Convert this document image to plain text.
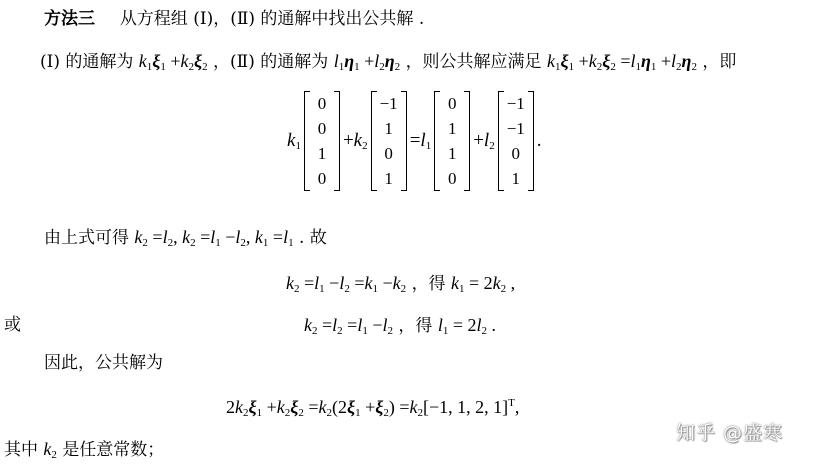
方法三 从方程组 (Ⅰ)，(Ⅱ) 的通解中找出公共解 .
(Ⅰ) 的通解为 $k_1\xi_1 +k_2\xi_2$ ，(Ⅱ) 的通解为 $l_1\eta_1 +l_2\eta_2$ ，则公共解应满足 $k_1\xi_1 +k_2\xi_2 =l_1\eta_1 +l_2\eta_2$ ，即
$k_1$
0
0
1
0
$+k_2$
−1
1
0
1
$=l_1$
0
1
1
0
$+l_2$
−1
−1
0
1
.
由上式可得 $k_2 =l_2$, $k_2 =l_1 -l_2$, $k_1 =l_1$ . 故
$k_2 =l_1 -l_2 =k_1 -k_2$ ，得 $k_1 = 2k_2$ ,
或	$k_2 =l_2 =l_1 -l_2$ ，得 $l_1 = 2l_2$ .
因此，公共解为
$2k_2\xi_1 +k_2\xi_2 =k_2(2\xi_1 +\xi_2) =k_2[-1$, 1, 2, 1]$^T$,
其中 $k_2$ 是任意常数；
知乎 @盛寒
